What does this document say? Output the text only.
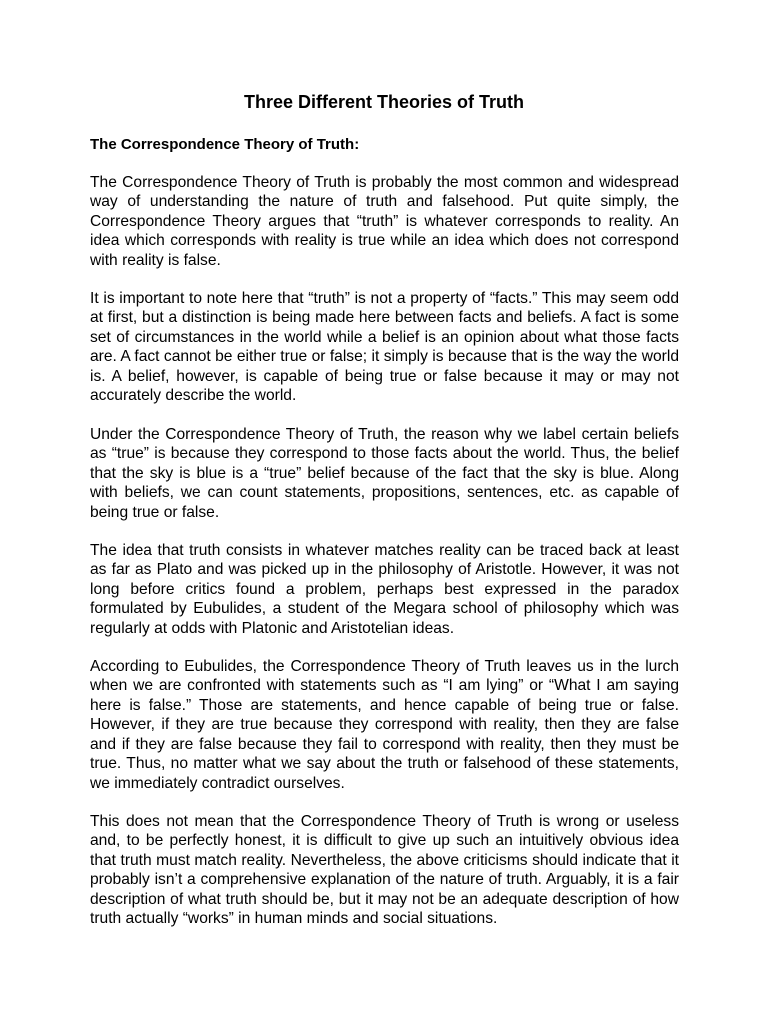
Three Different Theories of Truth
The Correspondence Theory of Truth:

The Correspondence Theory of Truth is probably the most common and widespread way of understanding the nature of truth and falsehood. Put quite simply, the Correspondence Theory argues that “truth” is whatever corresponds to reality. An idea which corresponds with reality is true while an idea which does not correspond with reality is false.

It is important to note here that “truth” is not a property of “facts.” This may seem odd at first, but a distinction is being made here between facts and beliefs. A fact is some set of circumstances in the world while a belief is an opinion about what those facts are. A fact cannot be either true or false; it simply is because that is the way the world is. A belief, however, is capable of being true or false because it may or may not accurately describe the world.

Under the Correspondence Theory of Truth, the reason why we label certain beliefs as “true” is because they correspond to those facts about the world. Thus, the belief that the sky is blue is a “true” belief because of the fact that the sky is blue. Along with beliefs, we can count statements, propositions, sentences, etc. as capable of being true or false.

The idea that truth consists in whatever matches reality can be traced back at least as far as Plato and was picked up in the philosophy of Aristotle. However, it was not long before critics found a problem, perhaps best expressed in the paradox formulated by Eubulides, a student of the Megara school of philosophy which was regularly at odds with Platonic and Aristotelian ideas.

According to Eubulides, the Correspondence Theory of Truth leaves us in the lurch when we are confronted with statements such as “I am lying” or “What I am saying here is false.” Those are statements, and hence capable of being true or false. However, if they are true because they correspond with reality, then they are false and if they are false because they fail to correspond with reality, then they must be true. Thus, no matter what we say about the truth or falsehood of these statements, we immediately contradict ourselves.

This does not mean that the Correspondence Theory of Truth is wrong or useless and, to be perfectly honest, it is difficult to give up such an intuitively obvious idea that truth must match reality. Nevertheless, the above criticisms should indicate that it probably isn’t a comprehensive explanation of the nature of truth. Arguably, it is a fair description of what truth should be, but it may not be an adequate description of how truth actually “works” in human minds and social situations.
